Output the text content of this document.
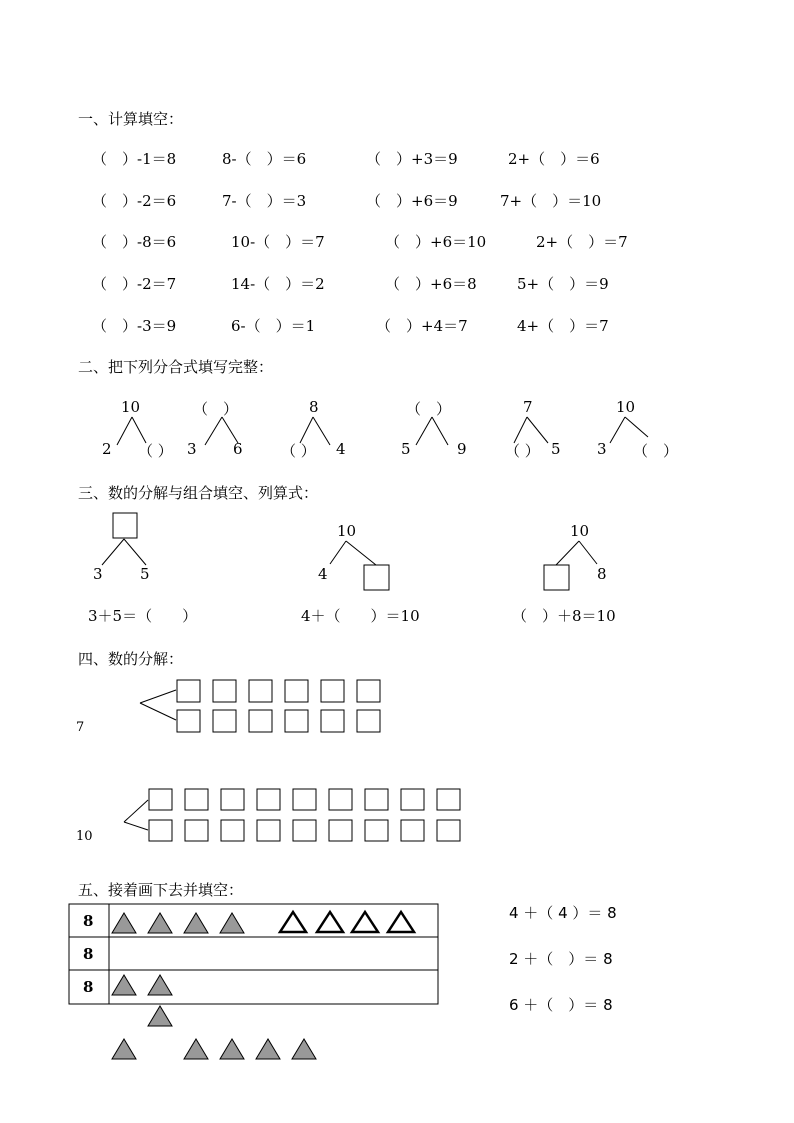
一、计算填空：
（　）-1＝8	8-（　）＝6	（　）+3＝9	2+（　）＝6
（　）-2＝6	7-（　）＝3	（　）+6＝9	7+（　）＝10
（　）-8＝6	10-（　）＝7	（　）+6＝10	2+（　）＝7
（　）-2＝7	14-（　）＝2	（　）+6＝8	5+（　）＝9
（　）-3＝9	6-（　）＝1	（　）+4＝7	4+（　）＝7
二、把下列分合式填写完整：
10
2 （ ）
（　）
3 6
8
（ ） 4
（　）
5	9
7
（ ） 5
10
3 （　）
三、数的分解与组合填空、列算式：
3 5
3＋5＝（　　）
10
4
4＋（　　）＝10
10
8
（　）＋8＝10
四、数的分解：
7
10
五、接着画下去并填空：
8
8
8
4 ＋（ 4 ）＝ 8
2 ＋（　）＝ 8
6 ＋（　）＝ 8
